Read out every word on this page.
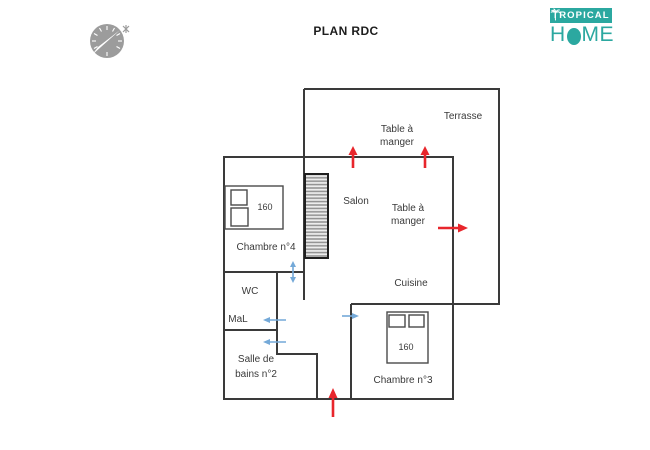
PLAN RDC
TROPICAL
H ME
Terrasse
Table à manger
Salon
Table à manger
Cuisine
Chambre n°4
WC
MaL
Salle de bains n°2
Chambre n°3
160
160
